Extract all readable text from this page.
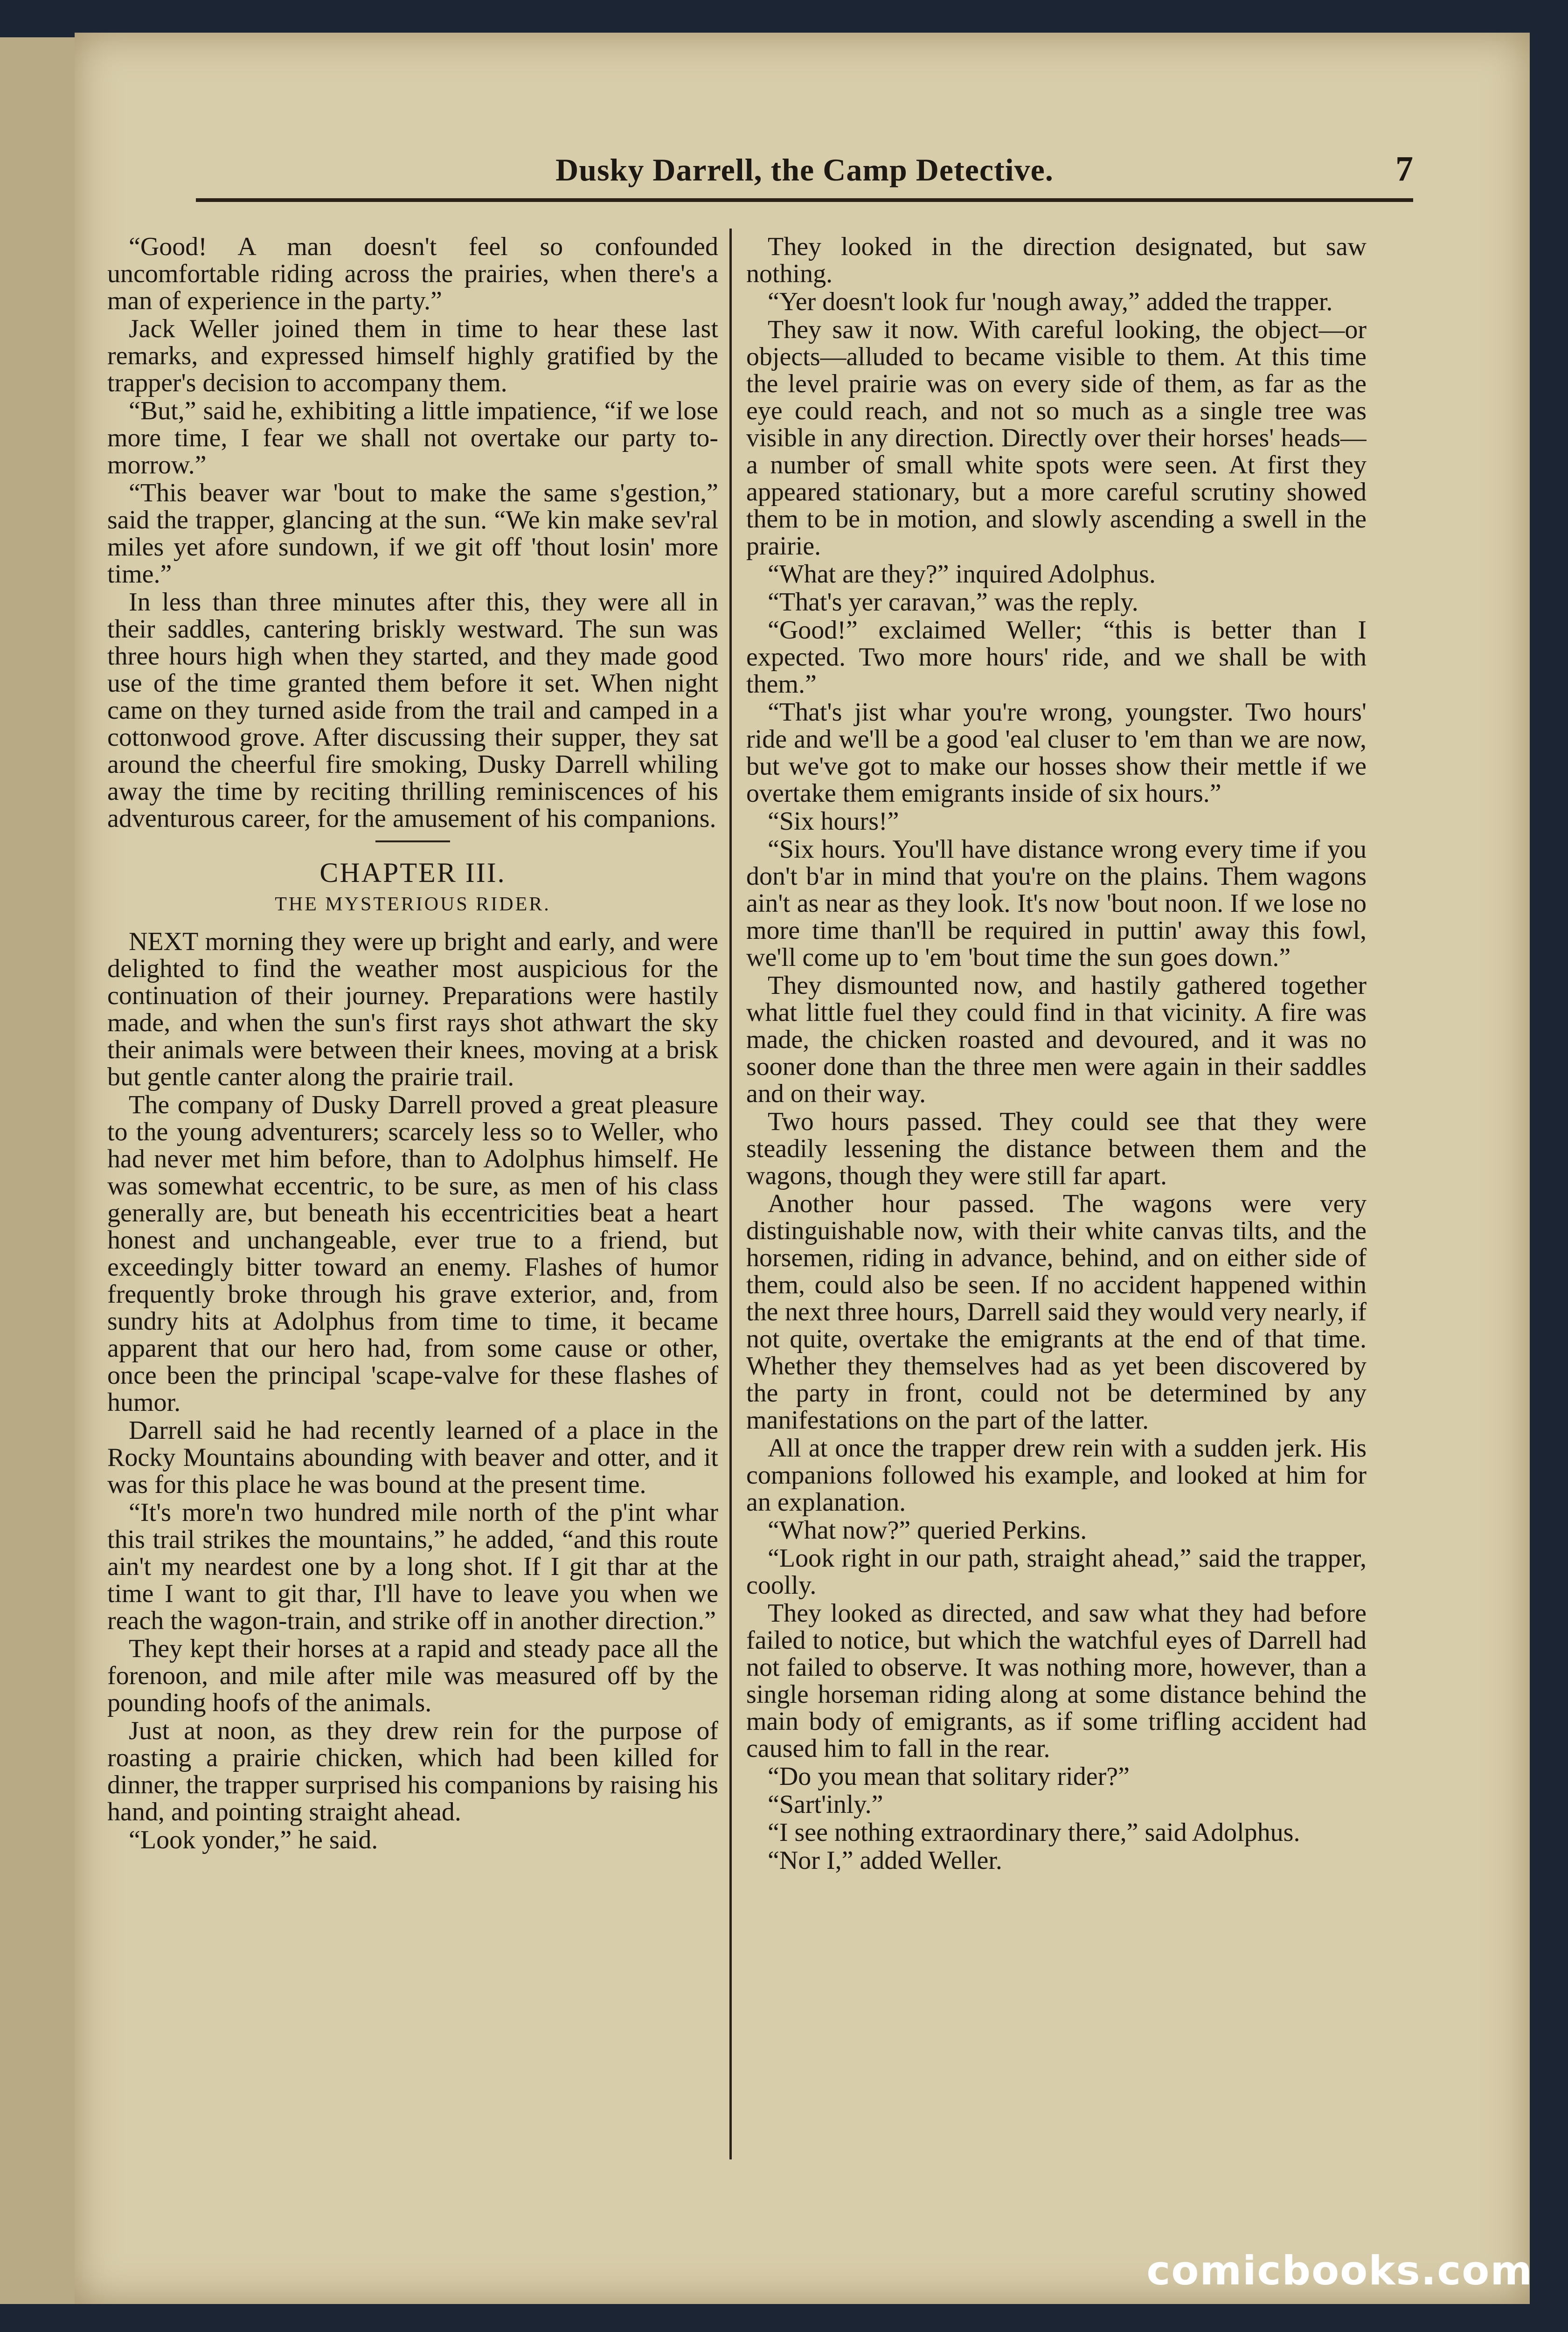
Dusky Darrell, the Camp Detective.	7

“Good! A man doesn't feel so confounded uncomfortable riding across the prairies, when there's a man of experience in the party.”

Jack Weller joined them in time to hear these last remarks, and expressed himself highly gratified by the trapper's decision to accompany them.

“But,” said he, exhibiting a little impatience, “if we lose more time, I fear we shall not overtake our party to-morrow.”

“This beaver war 'bout to make the same s'gestion,” said the trapper, glancing at the sun. “We kin make sev'ral miles yet afore sundown, if we git off 'thout losin' more time.”

In less than three minutes after this, they were all in their saddles, cantering briskly westward. The sun was three hours high when they started, and they made good use of the time granted them before it set. When night came on they turned aside from the trail and camped in a cottonwood grove. After discussing their supper, they sat around the cheerful fire smoking, Dusky Darrell whiling away the time by reciting thrilling reminiscences of his adventurous career, for the amusement of his companions.

CHAPTER III.
THE MYSTERIOUS RIDER.

NEXT morning they were up bright and early, and were delighted to find the weather most auspicious for the continuation of their journey. Preparations were hastily made, and when the sun's first rays shot athwart the sky their animals were between their knees, moving at a brisk but gentle canter along the prairie trail.

The company of Dusky Darrell proved a great pleasure to the young adventurers; scarcely less so to Weller, who had never met him before, than to Adolphus himself. He was somewhat eccentric, to be sure, as men of his class generally are, but beneath his eccentricities beat a heart honest and unchangeable, ever true to a friend, but exceedingly bitter toward an enemy. Flashes of humor frequently broke through his grave exterior, and, from sundry hits at Adolphus from time to time, it became apparent that our hero had, from some cause or other, once been the principal 'scape-valve for these flashes of humor.

Darrell said he had recently learned of a place in the Rocky Mountains abounding with beaver and otter, and it was for this place he was bound at the present time.

“It's more'n two hundred mile north of the p'int whar this trail strikes the mountains,” he added, “and this route ain't my neardest one by a long shot. If I git thar at the time I want to git thar, I'll have to leave you when we reach the wagon-train, and strike off in another direction.”

They kept their horses at a rapid and steady pace all the forenoon, and mile after mile was measured off by the pounding hoofs of the animals.

Just at noon, as they drew rein for the purpose of roasting a prairie chicken, which had been killed for dinner, the trapper surprised his companions by raising his hand, and pointing straight ahead.

“Look yonder,” he said.

They looked in the direction designated, but saw nothing.

“Yer doesn't look fur 'nough away,” added the trapper.

They saw it now. With careful looking, the object—or objects—alluded to became visible to them. At this time the level prairie was on every side of them, as far as the eye could reach, and not so much as a single tree was visible in any direction. Directly over their horses' heads—a number of small white spots were seen. At first they appeared stationary, but a more careful scrutiny showed them to be in motion, and slowly ascending a swell in the prairie.

“What are they?” inquired Adolphus.

“That's yer caravan,” was the reply.

“Good!” exclaimed Weller; “this is better than I expected. Two more hours' ride, and we shall be with them.”

“That's jist whar you're wrong, youngster. Two hours' ride and we'll be a good 'eal cluser to 'em than we are now, but we've got to make our hosses show their mettle if we overtake them emigrants inside of six hours.”

“Six hours!”

“Six hours. You'll have distance wrong every time if you don't b'ar in mind that you're on the plains. Them wagons ain't as near as they look. It's now 'bout noon. If we lose no more time than'll be required in puttin' away this fowl, we'll come up to 'em 'bout time the sun goes down.”

They dismounted now, and hastily gathered together what little fuel they could find in that vicinity. A fire was made, the chicken roasted and devoured, and it was no sooner done than the three men were again in their saddles and on their way.

Two hours passed. They could see that they were steadily lessening the distance between them and the wagons, though they were still far apart.

Another hour passed. The wagons were very distinguishable now, with their white canvas tilts, and the horsemen, riding in advance, behind, and on either side of them, could also be seen. If no accident happened within the next three hours, Darrell said they would very nearly, if not quite, overtake the emigrants at the end of that time. Whether they themselves had as yet been discovered by the party in front, could not be determined by any manifestations on the part of the latter.

All at once the trapper drew rein with a sudden jerk. His companions followed his example, and looked at him for an explanation.

“What now?” queried Perkins.

“Look right in our path, straight ahead,” said the trapper, coolly.

They looked as directed, and saw what they had before failed to notice, but which the watchful eyes of Darrell had not failed to observe. It was nothing more, however, than a single horseman riding along at some distance behind the main body of emigrants, as if some trifling accident had caused him to fall in the rear.

“Do you mean that solitary rider?”

“Sart'inly.”

“I see nothing extraordinary there,” said Adolphus.

“Nor I,” added Weller.

comicbooks.com
